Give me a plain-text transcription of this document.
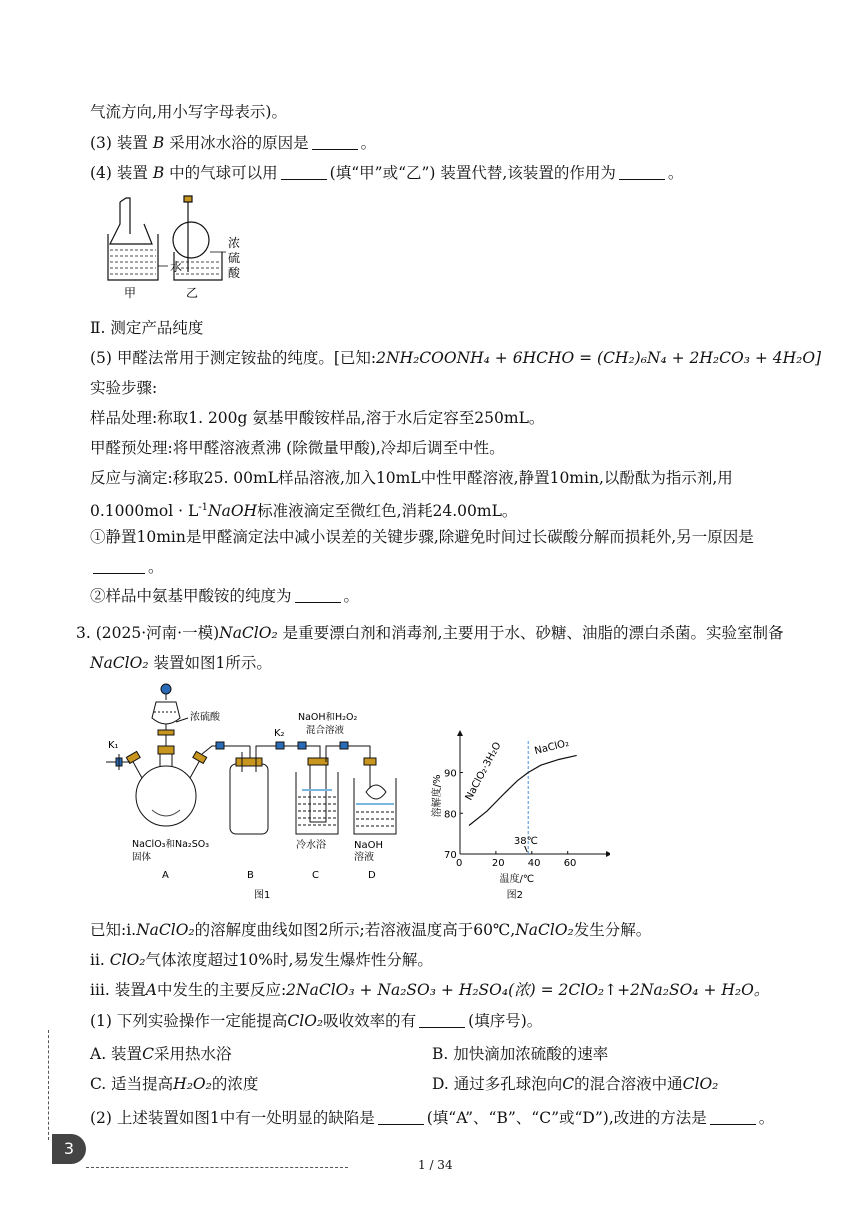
气流方向,用小写字母表示)。
(3) 装置 B 采用冰水浴的原因是	。
(4) 装置 B 中的气球可以用	(填“甲”或“乙”) 装置代替,该装置的作用为	。
水
浓
硫
酸
甲	乙
Ⅱ. 测定产品纯度
(5) 甲醛法常用于测定铵盐的纯度。[已知:2NH₂COONH₄ + 6HCHO = (CH₂)₆N₄ + 2H₂CO₃ + 4H₂O]
实验步骤:
样品处理:称取1. 200g 氨基甲酸铵样品,溶于水后定容至250mL。
甲醛预处理:将甲醛溶液煮沸 (除微量甲酸),冷却后调至中性。
反应与滴定:移取25. 00mL样品溶液,加入10mL中性甲醛溶液,静置10min,以酚酞为指示剂,用
$0.1000mol \cdot L^{-1}NaOH$标准液滴定至微红色,消耗24.00mL。
①静置10min是甲醛滴定法中减小误差的关键步骤,除避免时间过长碳酸分解而损耗外,另一原因是
。
②样品中氨基甲酸铵的纯度为	。
3. (2025·河南·一模)NaClO₂ 是重要漂白剂和消毒剂,主要用于水、砂糖、油脂的漂白杀菌。实验室制备
NaClO₂ 装置如图1所示。
浓硫酸
K₁
K₂
NaOH和H₂O₂
混合溶液
NaClO₃和Na₂SO₃
固体
冷水浴	NaOH
溶液
A	B	C	D
图1
NaClO₂·3H₂O	NaClO₂
0	20 40 60
70
80
90
38℃
溶解度/%
温度/℃
图2
已知:ⅰ.NaClO₂的溶解度曲线如图2所示;若溶液温度高于60℃,NaClO₂发生分解。
ⅱ. ClO₂气体浓度超过10%时,易发生爆炸性分解。
ⅲ. 装置A中发生的主要反应:2NaClO₃ + Na₂SO₃ + H₂SO₄(浓) = 2ClO₂↑+2Na₂SO₄ + H₂O。
(1) 下列实验操作一定能提高ClO₂吸收效率的有	(填序号)。
A. 装置C采用热水浴	B. 加快滴加浓硫酸的速率
C. 适当提高H₂O₂的浓度	D. 通过多孔球泡向C的混合溶液中通ClO₂
(2) 上述装置如图1中有一处明显的缺陷是	(填“A”、“B”、“C”或“D”),改进的方法是	。
3
1 / 34
